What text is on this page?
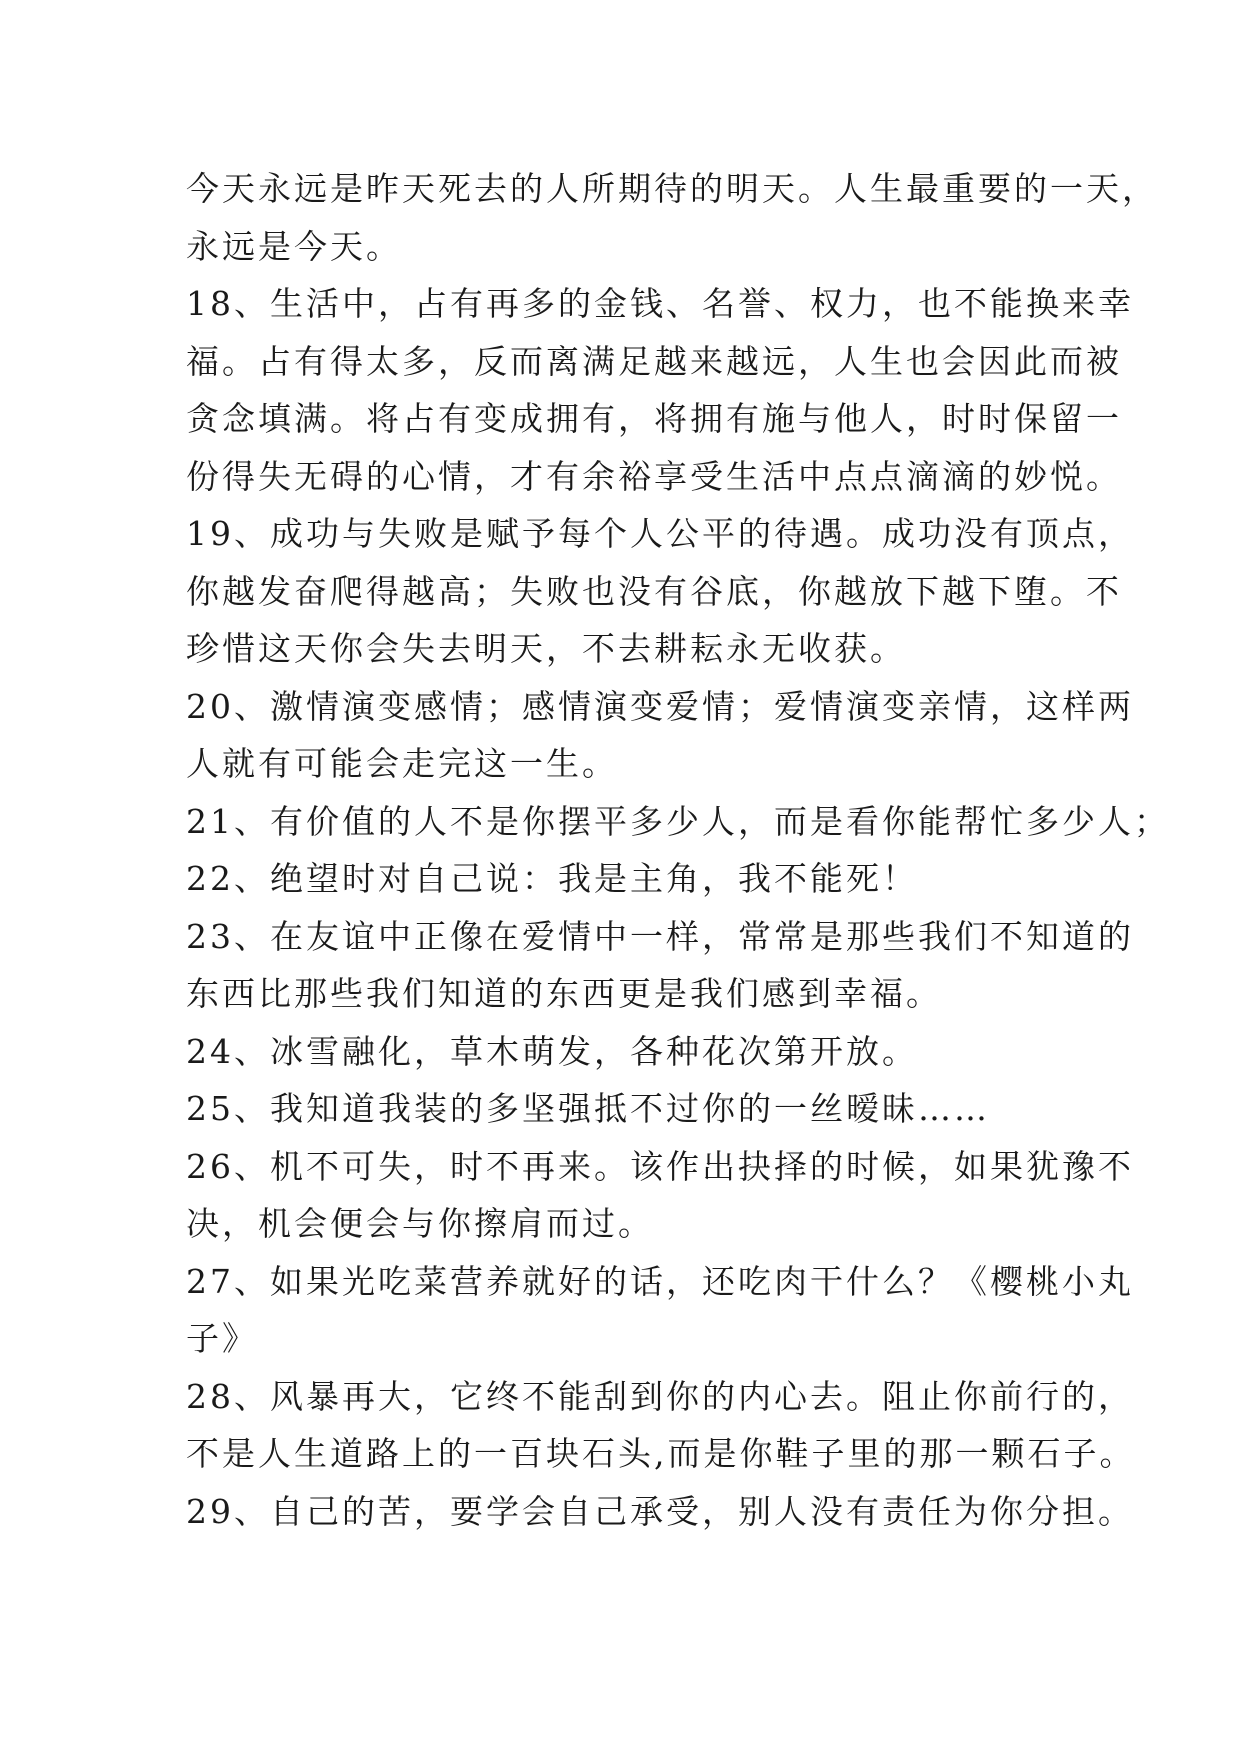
今天永远是昨天死去的人所期待的明天。人生最重要的一天，
永远是今天。
18、生活中，占有再多的金钱、名誉、权力，也不能换来幸
福。占有得太多，反而离满足越来越远，人生也会因此而被
贪念填满。将占有变成拥有，将拥有施与他人，时时保留一
份得失无碍的心情，才有余裕享受生活中点点滴滴的妙悦。
19、成功与失败是赋予每个人公平的待遇。成功没有顶点，
你越发奋爬得越高；失败也没有谷底，你越放下越下堕。不
珍惜这天你会失去明天，不去耕耘永无收获。
20、激情演变感情；感情演变爱情；爱情演变亲情，这样两
人就有可能会走完这一生。
21、有价值的人不是你摆平多少人，而是看你能帮忙多少人；
22、绝望时对自己说：我是主角，我不能死！
23、在友谊中正像在爱情中一样，常常是那些我们不知道的
东西比那些我们知道的东西更是我们感到幸福。
24、冰雪融化，草木萌发，各种花次第开放。
25、我知道我装的多坚强抵不过你的一丝暧昧……
26、机不可失，时不再来。该作出抉择的时候，如果犹豫不
决，机会便会与你擦肩而过。
27、如果光吃菜营养就好的话，还吃肉干什么？《樱桃小丸
子》
28、风暴再大，它终不能刮到你的内心去。阻止你前行的，
不是人生道路上的一百块石头,而是你鞋子里的那一颗石子。
29、自己的苦，要学会自己承受，别人没有责任为你分担。
